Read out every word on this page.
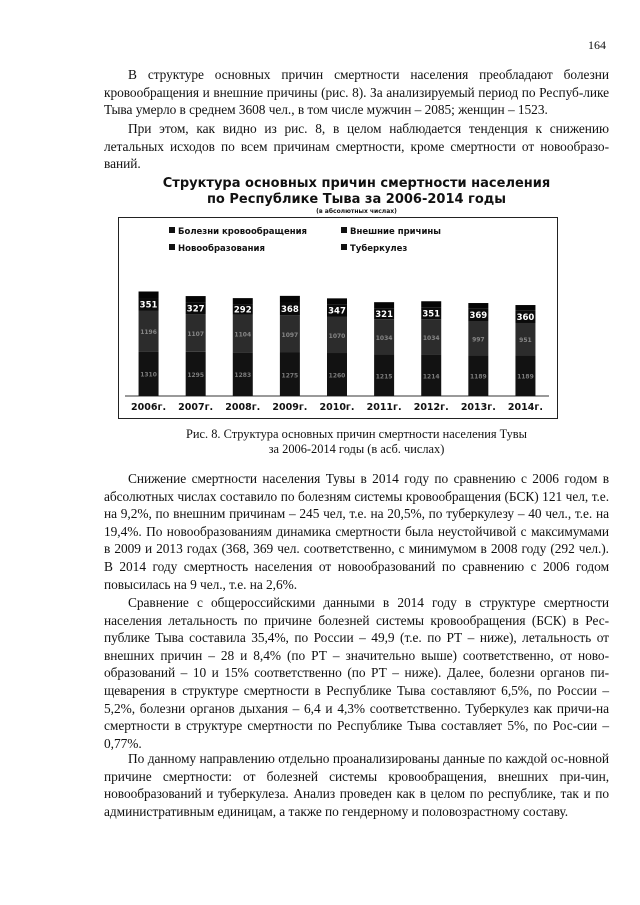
164

В структуре основных причин смертности населения преобладают болезни кровообращения и внешние причины (рис. 8). За анализируемый период по Респуб-лике Тыва умерло в среднем 3608 чел., в том числе мужчин – 2085; женщин – 1523.

При этом, как видно из рис. 8, в целом наблюдается тенденция к снижению летальных исходов по всем причинам смертности, кроме смертности от новообразо-ваний.

Структура основных причин смертности населения
по Республике Тыва за 2006-2014 годы
(в абсолютных числах)
Болезни кровообращения	Внешние причины
Новообразования	Туберкулез
1310
1196
351
2006г.
1295
1107
327
2007г.
1283
1104
292
2008г.
1275
1097
368
2009г.
1260
1070
347
2010г.
1215
1034
321
2011г.
1214
1034
351
2012г.
1189
997
369
2013г.
1189
951
360
2014г.
Рис. 8. Структура основных причин смертности населения Тувы
за 2006-2014 годы (в асб. числах)

Снижение смертности населения Тувы в 2014 году по сравнению с 2006 годом в абсолютных числах составило по болезням системы кровообращения (БСК) 121 чел, т.е. на 9,2%, по внешним причинам – 245 чел, т.е. на 20,5%, по туберкулезу – 40 чел., т.е. на 19,4%. По новообразованиям динамика смертности была неустойчивой с максимумами в 2009 и 2013 годах (368, 369 чел. соответственно, с минимумом в 2008 году (292 чел.). В 2014 году смертность населения от новообразований по сравнению с 2006 годом повысилась на 9 чел., т.е. на 2,6%.

Сравнение с общероссийскими данными в 2014 году в структуре смертности населения летальность по причине болезней системы кровообращения (БСК) в Рес-публике Тыва составила 35,4%, по России – 49,9 (т.е. по РТ – ниже), летальность от внешних причин – 28 и 8,4% (по РТ – значительно выше) соответственно, от ново-образований – 10 и 15% соответственно (по РТ – ниже). Далее, болезни органов пи-щеварения в структуре смертности в Республике Тыва составляют 6,5%, по России – 5,2%, болезни органов дыхания – 6,4 и 4,3% соответственно. Туберкулез как причи-на смертности в структуре смертности по Республике Тыва составляет 5%, по Рос-сии – 0,77%.

По данному направлению отдельно проанализированы данные по каждой ос-новной причине смертности: от болезней системы кровообращения, внешних при-чин, новообразований и туберкулеза. Анализ проведен как в целом по республике, так и по административным единицам, а также по гендерному и половозрастному составу.
